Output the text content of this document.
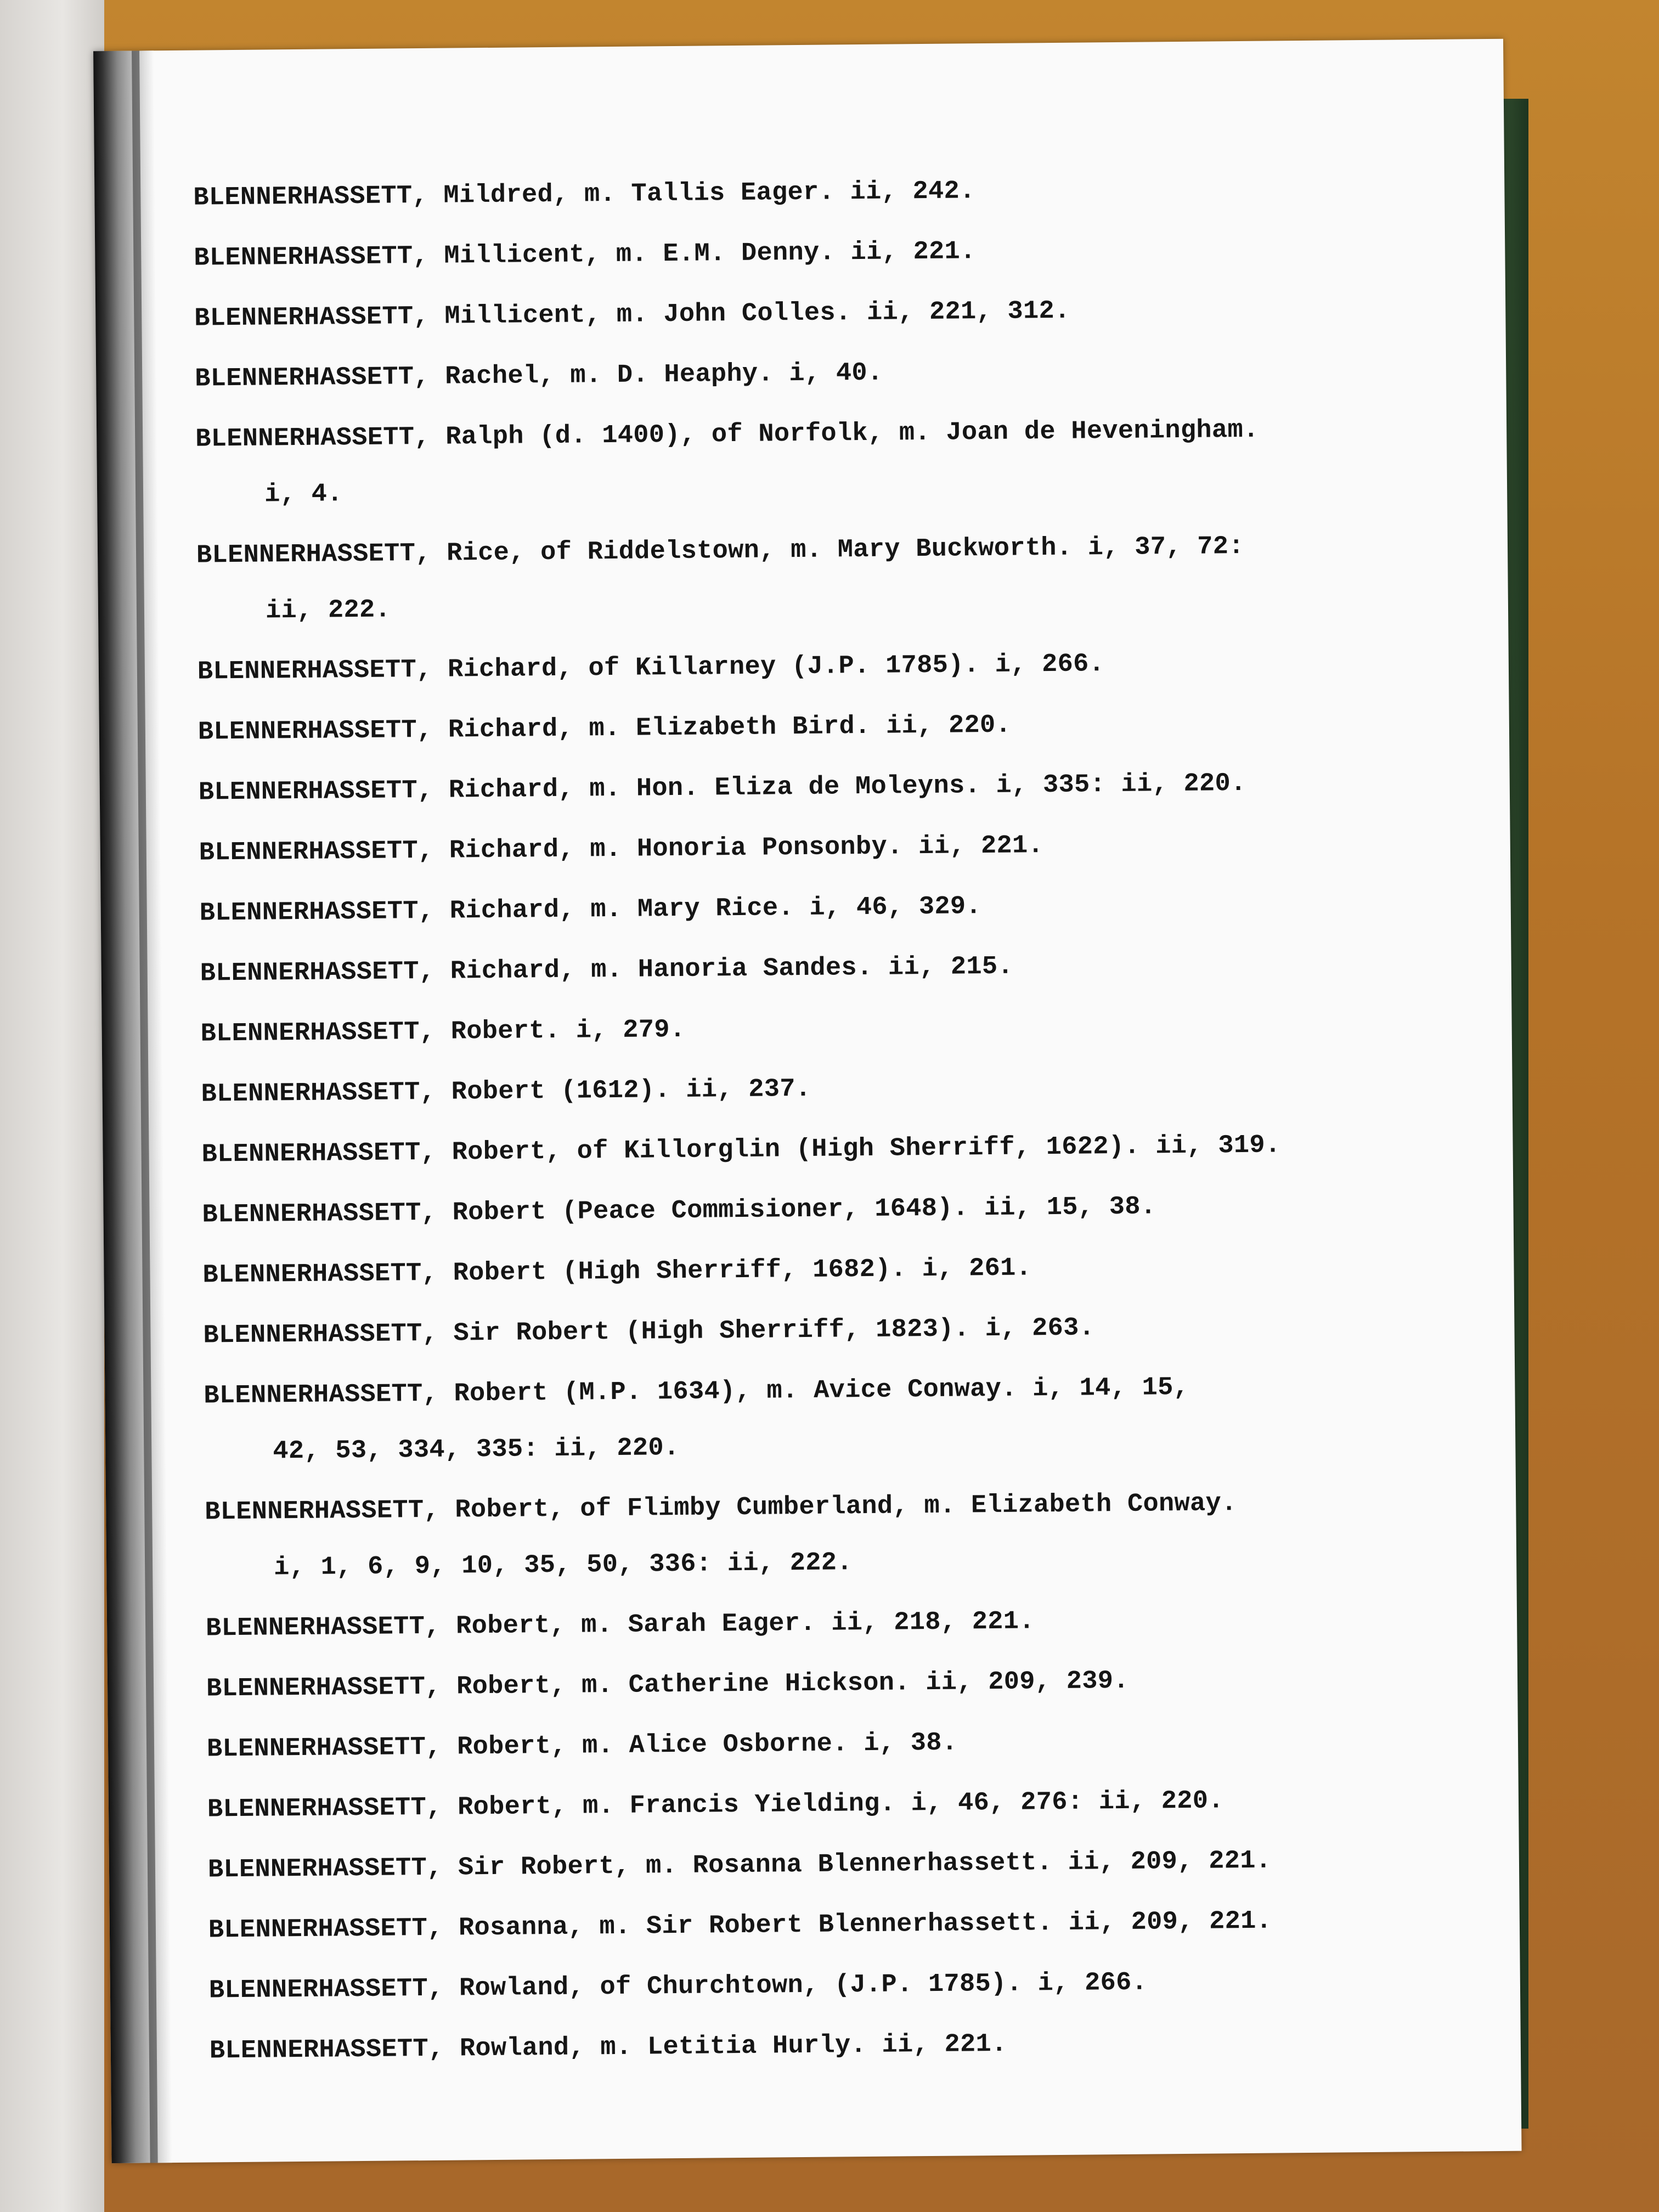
BLENNERHASSETT, Mildred, m. Tallis Eager. ii, 242.
BLENNERHASSETT, Millicent, m. E.M. Denny. ii, 221.
BLENNERHASSETT, Millicent, m. John Colles. ii, 221, 312.
BLENNERHASSETT, Rachel, m. D. Heaphy. i, 40.
BLENNERHASSETT, Ralph (d. 1400), of Norfolk, m. Joan de Heveningham.
i, 4.
BLENNERHASSETT, Rice, of Riddelstown, m. Mary Buckworth. i, 37, 72:
ii, 222.
BLENNERHASSETT, Richard, of Killarney (J.P. 1785). i, 266.
BLENNERHASSETT, Richard, m. Elizabeth Bird. ii, 220.
BLENNERHASSETT, Richard, m. Hon. Eliza de Moleyns. i, 335: ii, 220.
BLENNERHASSETT, Richard, m. Honoria Ponsonby. ii, 221.
BLENNERHASSETT, Richard, m. Mary Rice. i, 46, 329.
BLENNERHASSETT, Richard, m. Hanoria Sandes. ii, 215.
BLENNERHASSETT, Robert. i, 279.
BLENNERHASSETT, Robert (1612). ii, 237.
BLENNERHASSETT, Robert, of Killorglin (High Sherriff, 1622). ii, 319.
BLENNERHASSETT, Robert (Peace Commisioner, 1648). ii, 15, 38.
BLENNERHASSETT, Robert (High Sherriff, 1682). i, 261.
BLENNERHASSETT, Sir Robert (High Sherriff, 1823). i, 263.
BLENNERHASSETT, Robert (M.P. 1634), m. Avice Conway. i, 14, 15,
42, 53, 334, 335: ii, 220.
BLENNERHASSETT, Robert, of Flimby Cumberland, m. Elizabeth Conway.
i, 1, 6, 9, 10, 35, 50, 336: ii, 222.
BLENNERHASSETT, Robert, m. Sarah Eager. ii, 218, 221.
BLENNERHASSETT, Robert, m. Catherine Hickson. ii, 209, 239.
BLENNERHASSETT, Robert, m. Alice Osborne. i, 38.
BLENNERHASSETT, Robert, m. Francis Yielding. i, 46, 276: ii, 220.
BLENNERHASSETT, Sir Robert, m. Rosanna Blennerhassett. ii, 209, 221.
BLENNERHASSETT, Rosanna, m. Sir Robert Blennerhassett. ii, 209, 221.
BLENNERHASSETT, Rowland, of Churchtown, (J.P. 1785). i, 266.
BLENNERHASSETT, Rowland, m. Letitia Hurly. ii, 221.
